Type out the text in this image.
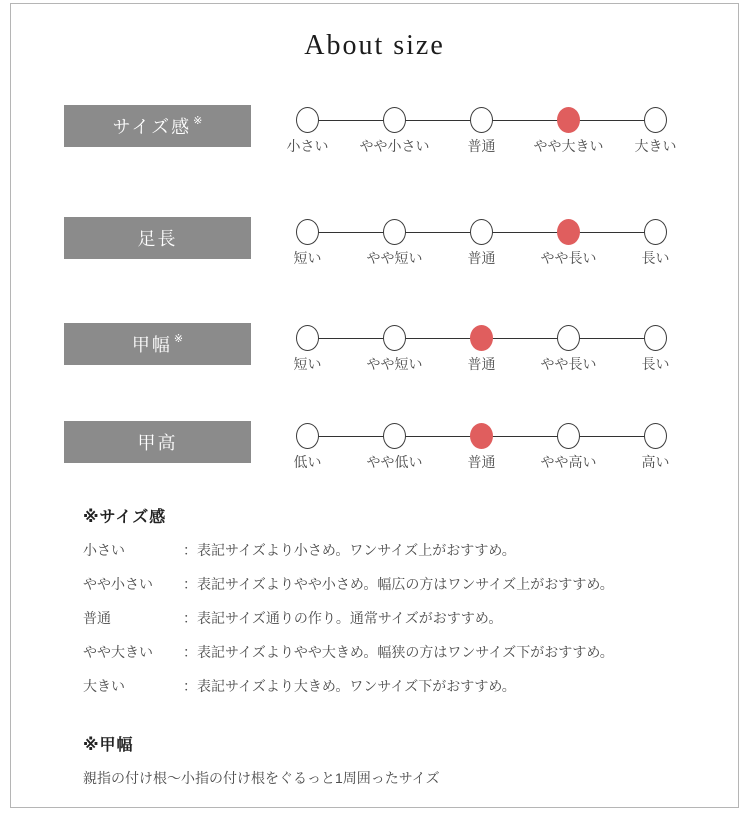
About size
サイズ感※
小さい やや小さい	普通	やや大きい 大きい
足長
短い	やや短い	普通	やや長い	長い
甲幅※
短い	やや短い	普通	やや長い	長い
甲高
低い	やや低い	普通	やや高い	高い
※サイズ感
小さい	：表記サイズより小さめ。ワンサイズ上がおすすめ。
やや小さい ：表記サイズよりやや小さめ。幅広の方はワンサイズ上がおすすめ。
普通	：表記サイズ通りの作り。通常サイズがおすすめ。
やや大きい ：表記サイズよりやや大きめ。幅狭の方はワンサイズ下がおすすめ。
大きい	：表記サイズより大きめ。ワンサイズ下がおすすめ。
※甲幅
親指の付け根～小指の付け根をぐるっと1周囲ったサイズ
